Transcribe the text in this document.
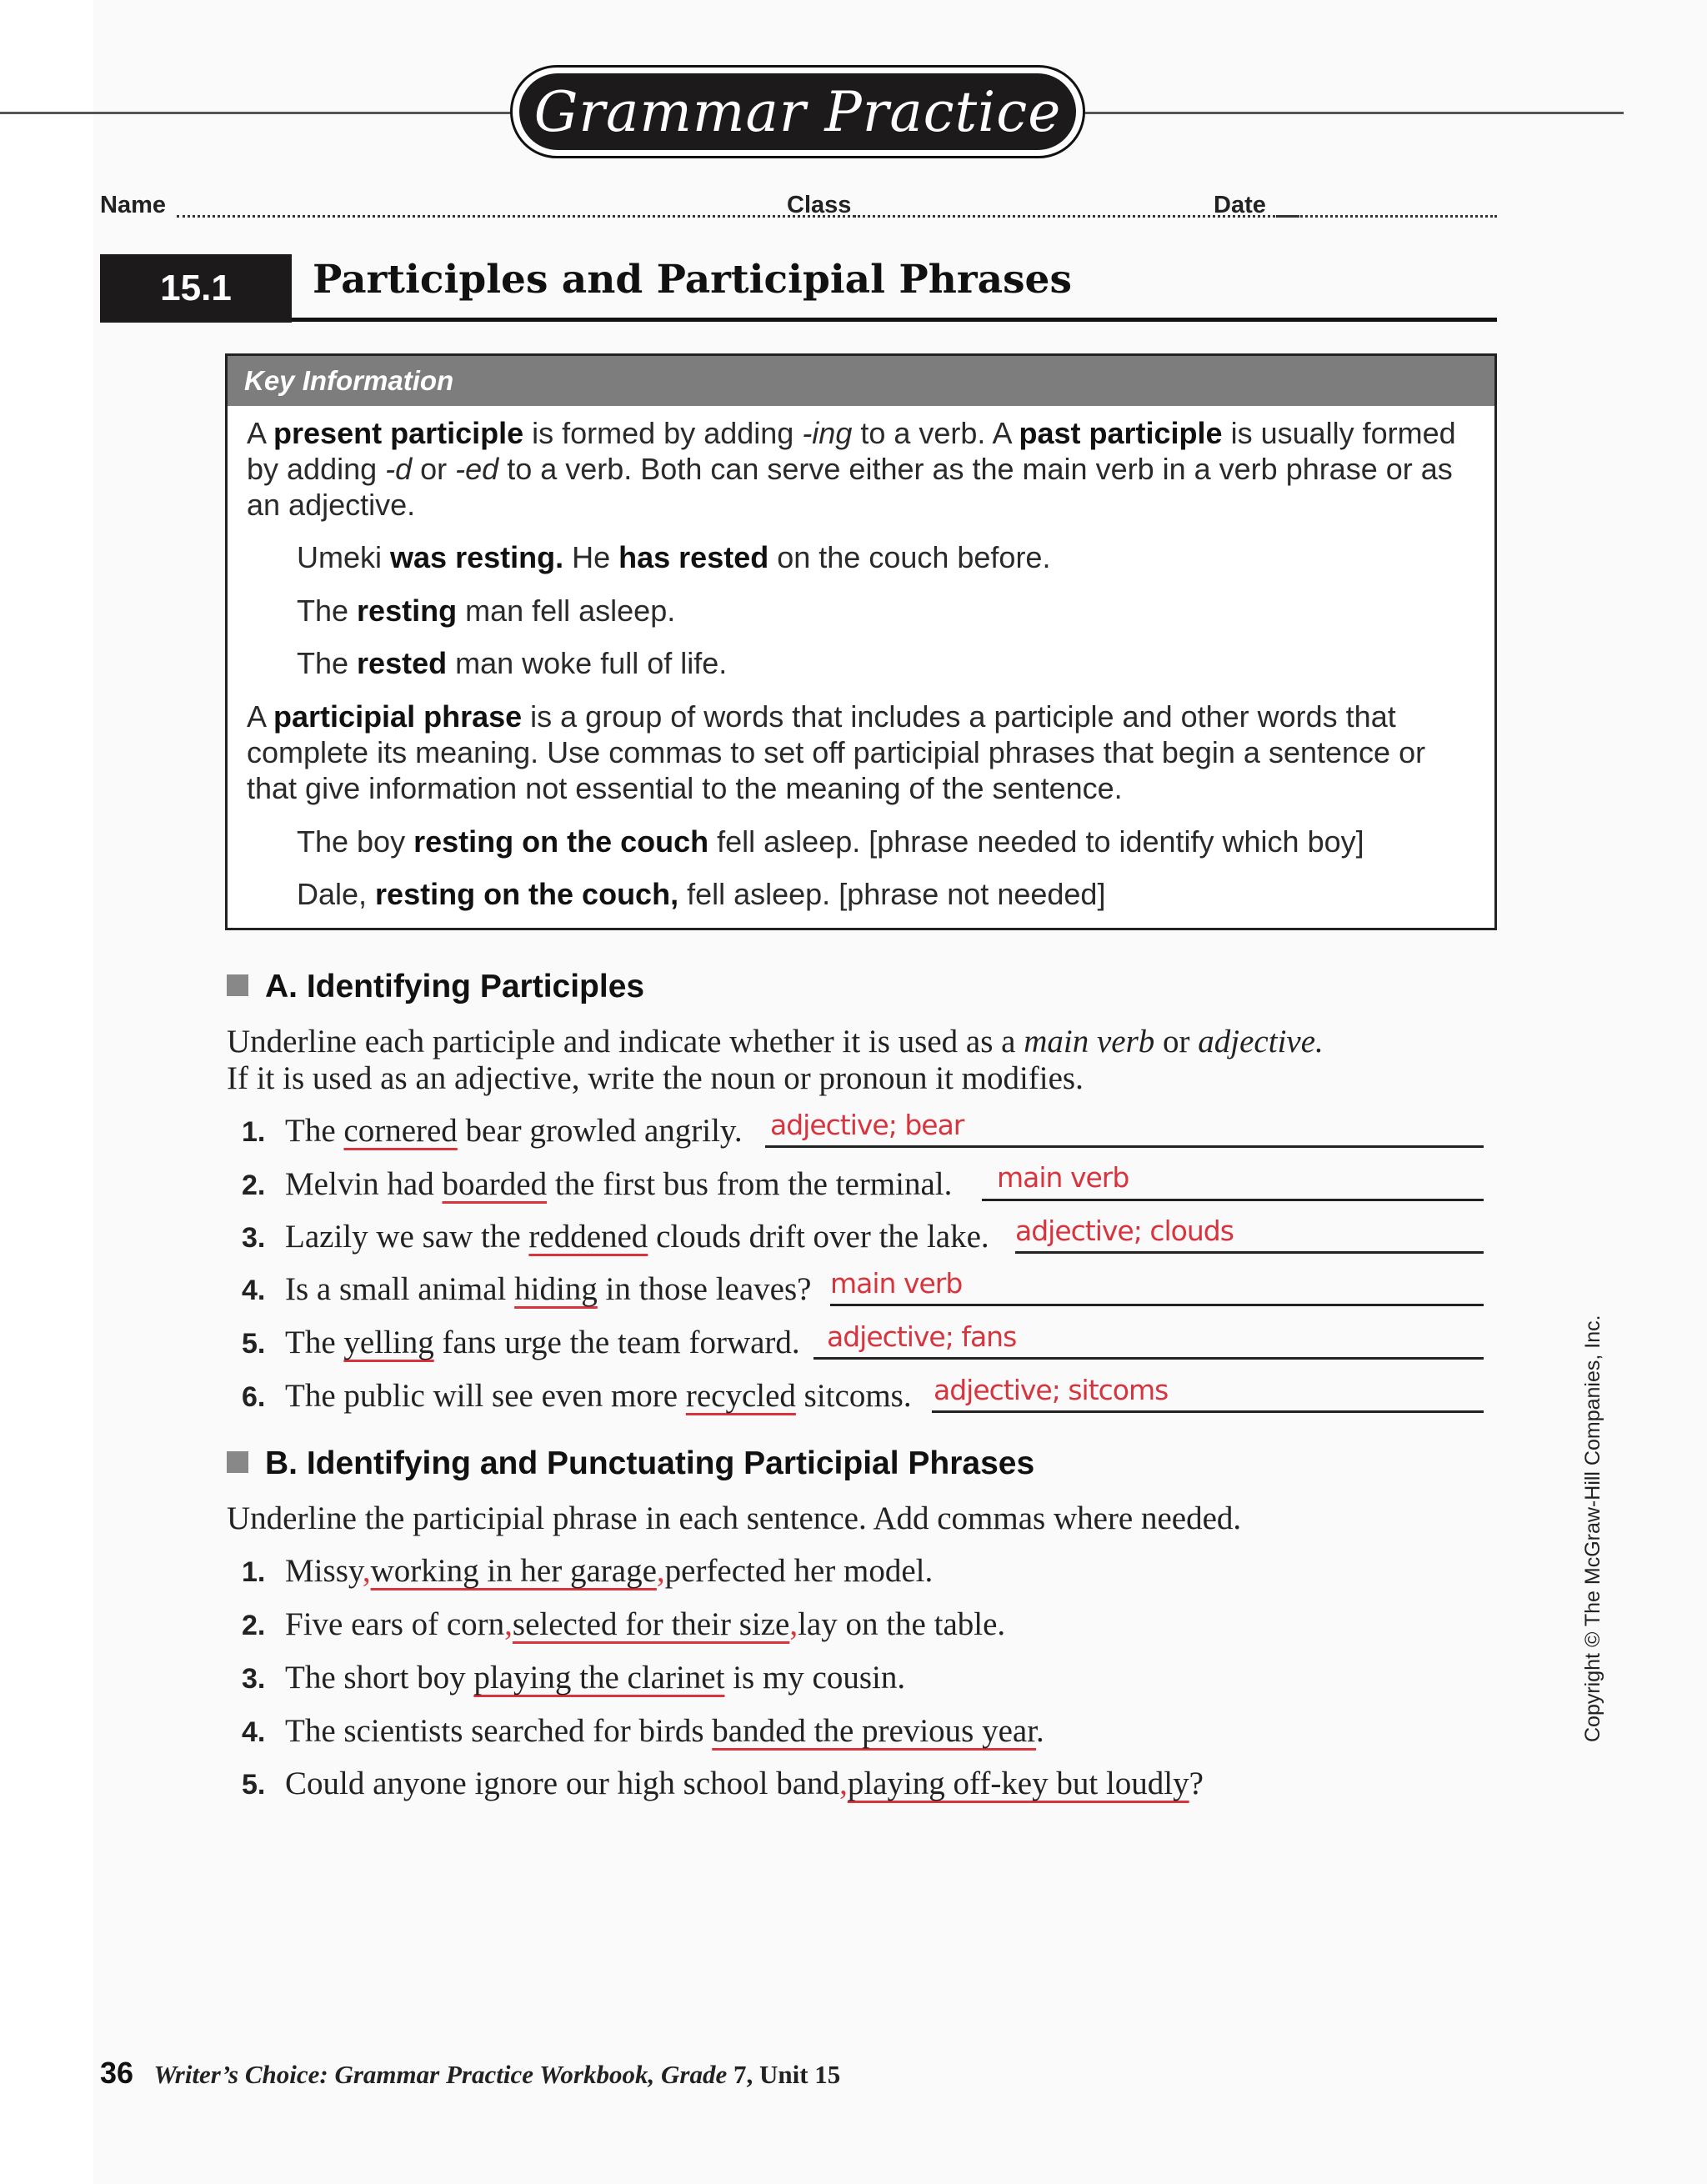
Grammar Practice
Name	Class	Date
15.1	Participles and Participial Phrases
Key Information
A present participle is formed by adding -ing to a verb. A past participle is usually formed
by adding -d or -ed to a verb. Both can serve either as the main verb in a verb phrase or as
an adjective.
Umeki was resting. He has rested on the couch before.
The resting man fell asleep.
The rested man woke full of life.
A participial phrase is a group of words that includes a participle and other words that
complete its meaning. Use commas to set off participial phrases that begin a sentence or
that give information not essential to the meaning of the sentence.
The boy resting on the couch fell asleep. [phrase needed to identify which boy]
Dale, resting on the couch, fell asleep. [phrase not needed]
A. Identifying Participles
Underline each participle and indicate whether it is used as a main verb or adjective.
If it is used as an adjective, write the noun or pronoun it modifies.
1. The cornered bear growled angrily. adjective; bear
2. Melvin had boarded the first bus from the terminal. main verb
3. Lazily we saw the reddened clouds drift over the lake. adjective; clouds
4. Is a small animal hiding in those leaves? main verb
5. The yelling fans urge the team forward. adjective; fans
6. The public will see even more recycled sitcoms. adjective; sitcoms
B. Identifying and Punctuating Participial Phrases
Underline the participial phrase in each sentence. Add commas where needed.
1. Missy,working in her garage,perfected her model.
2. Five ears of corn,selected for their size,lay on the table.
3. The short boy playing the clarinet is my cousin.
4. The scientists searched for birds banded the previous year.
5. Could anyone ignore our high school band,playing off-key but loudly?
Copyright © The McGraw-Hill Companies, Inc.
36 Writer’s Choice: Grammar Practice Workbook, Grade 7, Unit 15
